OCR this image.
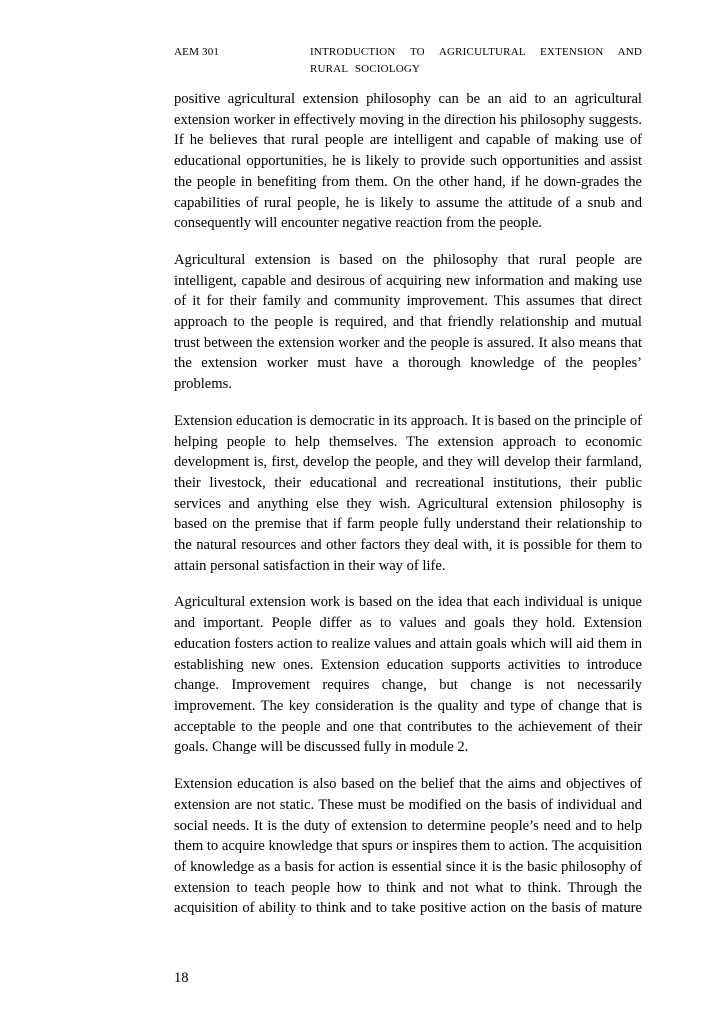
AEM 301	INTRODUCTION TO AGRICULTURAL EXTENSION AND RURAL SOCIOLOGY

positive agricultural extension philosophy can be an aid to an agricultural extension worker in effectively moving in the direction his philosophy suggests. If he believes that rural people are intelligent and capable of making use of educational opportunities, he is likely to provide such opportunities and assist the people in benefiting from them. On the other hand, if he down-grades the capabilities of rural people, he is likely to assume the attitude of a snub and consequently will encounter negative reaction from the people.

Agricultural extension is based on the philosophy that rural people are intelligent, capable and desirous of acquiring new information and making use of it for their family and community improvement. This assumes that direct approach to the people is required, and that friendly relationship and mutual trust between the extension worker and the people is assured. It also means that the extension worker must have a thorough knowledge of the peoples’ problems.

Extension education is democratic in its approach. It is based on the principle of helping people to help themselves. The extension approach to economic development is, first, develop the people, and they will develop their farmland, their livestock, their educational and recreational institutions, their public services and anything else they wish. Agricultural extension philosophy is based on the premise that if farm people fully understand their relationship to the natural resources and other factors they deal with, it is possible for them to attain personal satisfaction in their way of life.

Agricultural extension work is based on the idea that each individual is unique and important. People differ as to values and goals they hold. Extension education fosters action to realize values and attain goals which will aid them in establishing new ones. Extension education supports activities to introduce change. Improvement requires change, but change is not necessarily improvement. The key consideration is the quality and type of change that is acceptable to the people and one that contributes to the achievement of their goals. Change will be discussed fully in module 2.

Extension education is also based on the belief that the aims and objectives of extension are not static. These must be modified on the basis of individual and social needs. It is the duty of extension to determine people’s need and to help them to acquire knowledge that spurs or inspires them to action. The acquisition of knowledge as a basis for action is essential since it is the basic philosophy of extension to teach people how to think and not what to think. Through the acquisition of ability to think and to take positive action on the basis of mature

18
